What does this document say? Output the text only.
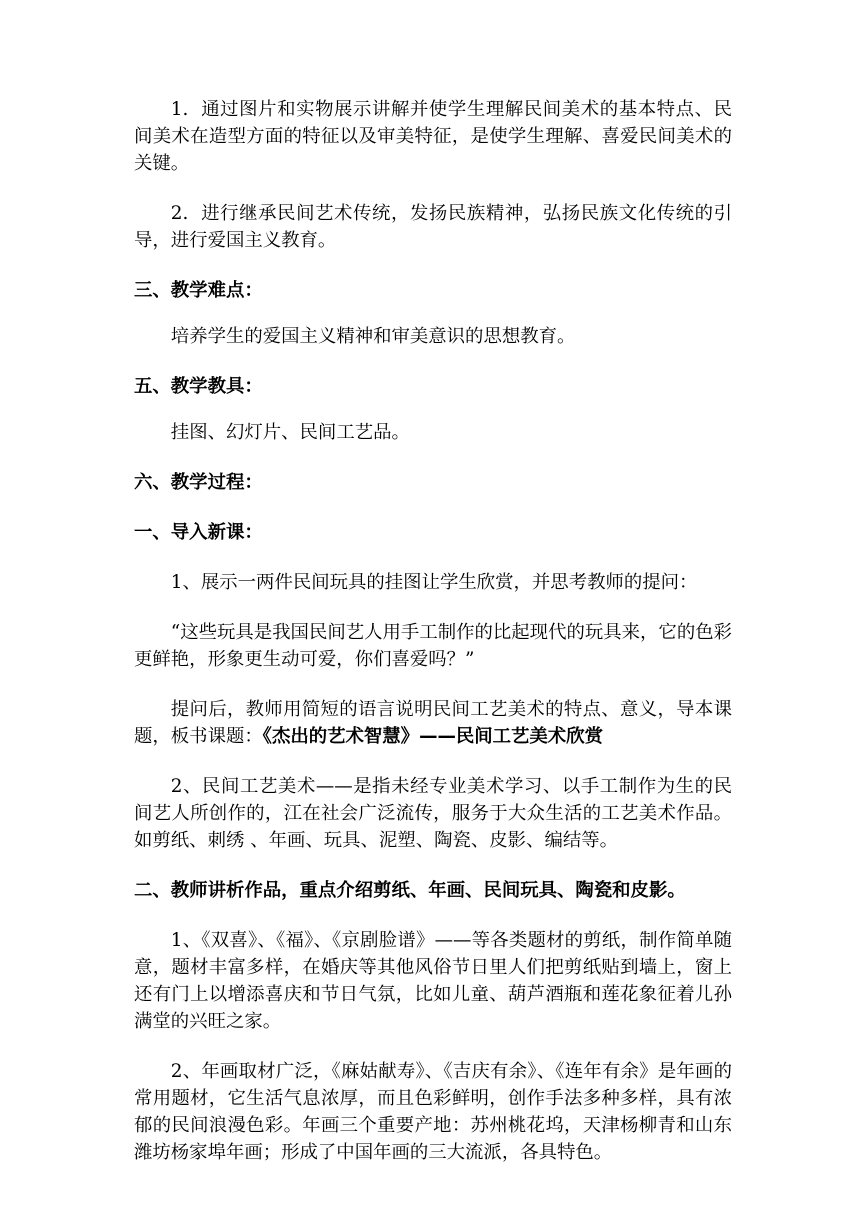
1.  通过图片和实物展示讲解并使学生理解民间美术的基本特点、民间美术在造型方面的特征以及审美特征，是使学生理解、喜爱民间美术的关键。

2.  进行继承民间艺术传统，发扬民族精神，弘扬民族文化传统的引导，进行爱国主义教育。

三、教学难点：

培养学生的爱国主义精神和审美意识的思想教育。

五、教学教具：

挂图、幻灯片、民间工艺品。

六、教学过程：

一、导入新课：

1、展示一两件民间玩具的挂图让学生欣赏，并思考教师的提问：

“这些玩具是我国民间艺人用手工制作的比起现代的玩具来，它的色彩更鲜艳，形象更生动可爱，你们喜爱吗？”

提问后，教师用简短的语言说明民间工艺美术的特点、意义，导本课题，板书课题：《杰出的艺术智慧》——民间工艺美术欣赏

2、民间工艺美术——是指未经专业美术学习、以手工制作为生的民间艺人所创作的，江在社会广泛流传，服务于大众生活的工艺美术作品。如剪纸、刺绣 、年画、玩具、泥塑、陶瓷、皮影、编结等。

二、教师讲析作品，重点介绍剪纸、年画、民间玩具、陶瓷和皮影。

1、《双喜》、《福》、《京剧脸谱》——等各类题材的剪纸，制作简单随意，题材丰富多样，在婚庆等其他风俗节日里人们把剪纸贴到墙上，窗上还有门上以增添喜庆和节日气氛，比如儿童、葫芦酒瓶和莲花象征着儿孙满堂的兴旺之家。

2、年画取材广泛，《麻姑献寿》、《吉庆有余》、《连年有余》是年画的常用题材，它生活气息浓厚，而且色彩鲜明，创作手法多种多样，具有浓郁的民间浪漫色彩。年画三个重要产地：苏州桃花坞，天津杨柳青和山东潍坊杨家埠年画；形成了中国年画的三大流派，各具特色。
